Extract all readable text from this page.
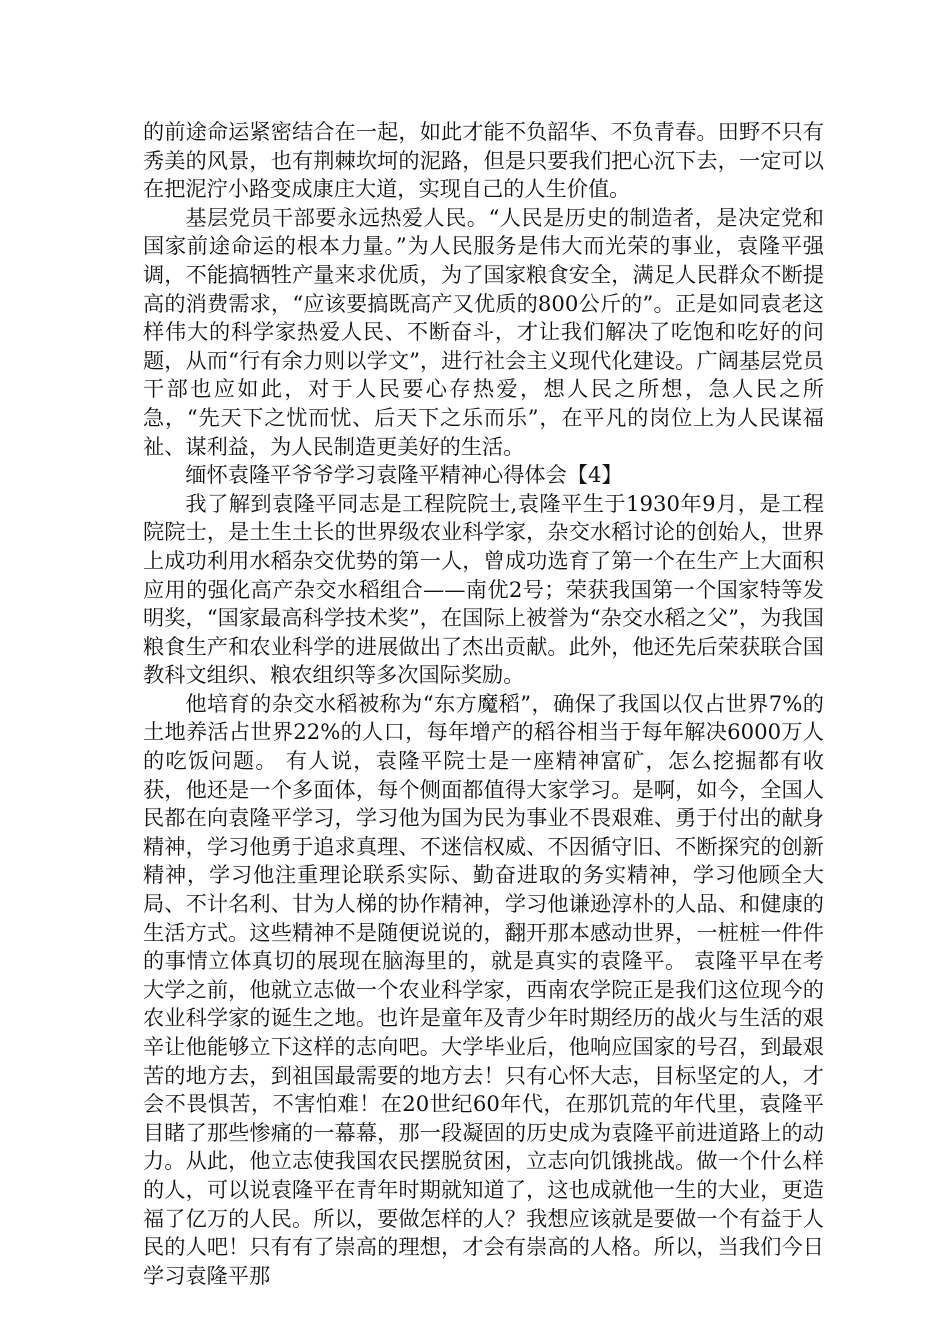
的前途命运紧密结合在一起，如此才能不负韶华、不负青春。田野不只有秀美的风景，也有荆棘坎坷的泥路，但是只要我们把心沉下去，一定可以在把泥泞小路变成康庄大道，实现自己的人生价值。

基层党员干部要永远热爱人民。“人民是历史的制造者，是决定党和国家前途命运的根本力量。”为人民服务是伟大而光荣的事业，袁隆平强调，不能搞牺牲产量来求优质，为了国家粮食安全，满足人民群众不断提高的消费需求，“应该要搞既高产又优质的800公斤的”。正是如同袁老这样伟大的科学家热爱人民、不断奋斗，才让我们解决了吃饱和吃好的问题，从而“行有余力则以学文”，进行社会主义现代化建设。广阔基层党员干部也应如此，对于人民要心存热爱，想人民之所想，急人民之所急，“先天下之忧而忧、后天下之乐而乐”，在平凡的岗位上为人民谋福祉、谋利益，为人民制造更美好的生活。

缅怀袁隆平爷爷学习袁隆平精神心得体会【4】

我了解到袁隆平同志是工程院院士,袁隆平生于1930年9月，是工程院院士，是土生土长的世界级农业科学家，杂交水稻讨论的创始人，世界上成功利用水稻杂交优势的第一人，曾成功选育了第一个在生产上大面积应用的强化高产杂交水稻组合——南优2号；荣获我国第一个国家特等发明奖，“国家最高科学技术奖”，在国际上被誉为“杂交水稻之父”，为我国粮食生产和农业科学的进展做出了杰出贡献。此外，他还先后荣获联合国教科文组织、粮农组织等多次国际奖励。

他培育的杂交水稻被称为“东方魔稻”，确保了我国以仅占世界7%的土地养活占世界22%的人口，每年增产的稻谷相当于每年解决6000万人的吃饭问题。 有人说，袁隆平院士是一座精神富矿，怎么挖掘都有收获，他还是一个多面体，每个侧面都值得大家学习。是啊，如今，全国人民都在向袁隆平学习，学习他为国为民为事业不畏艰难、勇于付出的献身精神，学习他勇于追求真理、不迷信权威、不因循守旧、不断探究的创新精神，学习他注重理论联系实际、勤奋进取的务实精神，学习他顾全大局、不计名利、甘为人梯的协作精神，学习他谦逊淳朴的人品、和健康的生活方式。这些精神不是随便说说的，翻开那本感动世界，一桩桩一件件的事情立体真切的展现在脑海里的，就是真实的袁隆平。 袁隆平早在考大学之前，他就立志做一个农业科学家，西南农学院正是我们这位现今的农业科学家的诞生之地。也许是童年及青少年时期经历的战火与生活的艰辛让他能够立下这样的志向吧。大学毕业后，他响应国家的号召，到最艰苦的地方去，到祖国最需要的地方去！只有心怀大志，目标坚定的人，才会不畏惧苦，不害怕难！在20世纪60年代，在那饥荒的年代里，袁隆平目睹了那些惨痛的一幕幕，那一段凝固的历史成为袁隆平前进道路上的动力。从此，他立志使我国农民摆脱贫困，立志向饥饿挑战。做一个什么样的人，可以说袁隆平在青年时期就知道了，这也成就他一生的大业，更造福了亿万的人民。所以，要做怎样的人？我想应该就是要做一个有益于人民的人吧！只有有了崇高的理想，才会有崇高的人格。所以，当我们今日学习袁隆平那
